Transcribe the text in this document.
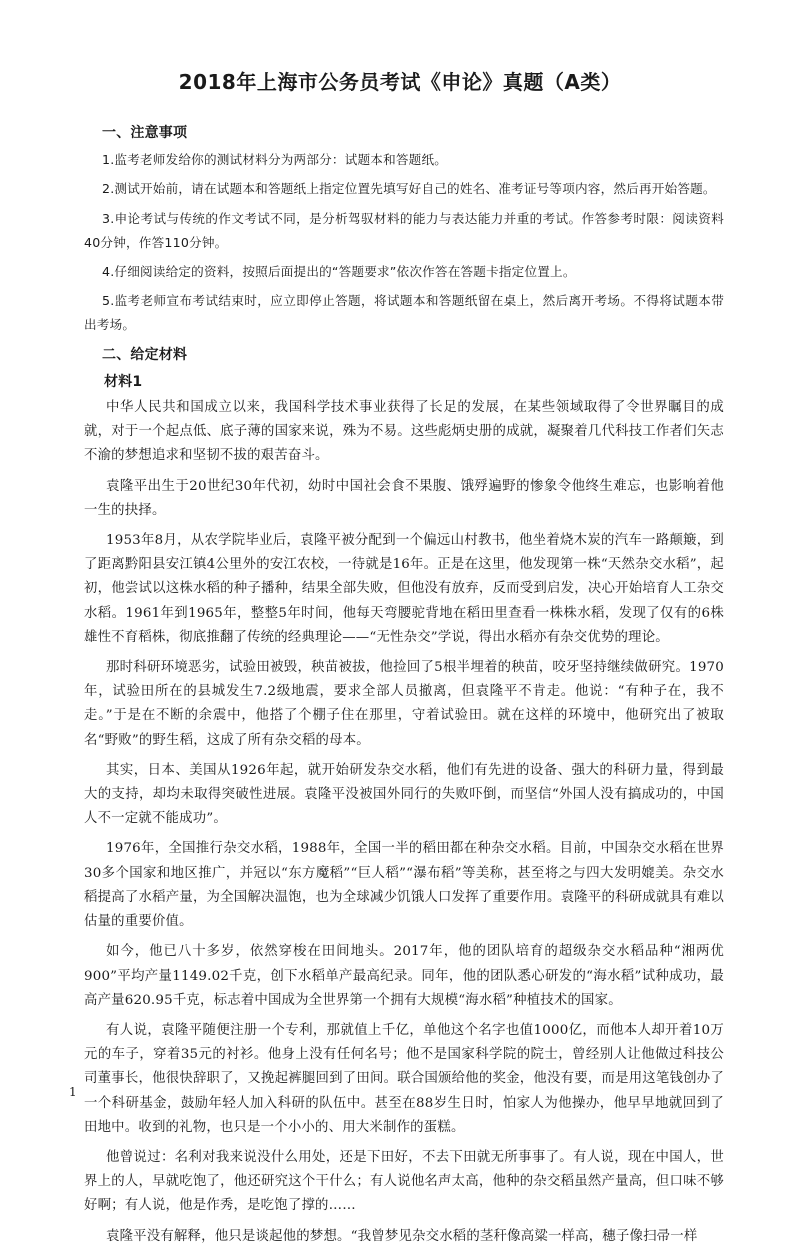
2018年上海市公务员考试《申论》真题（A类）
一、注意事项

1.监考老师发给你的测试材料分为两部分：试题本和答题纸。

2.测试开始前，请在试题本和答题纸上指定位置先填写好自己的姓名、准考证号等项内容，然后再开始答题。

3.申论考试与传统的作文考试不同，是分析驾驭材料的能力与表达能力并重的考试。作答参考时限：阅读资料40分钟，作答110分钟。

4.仔细阅读给定的资料，按照后面提出的“答题要求”依次作答在答题卡指定位置上。

5.监考老师宣布考试结束时，应立即停止答题，将试题本和答题纸留在桌上，然后离开考场。不得将试题本带出考场。

二、给定材料
材料1

中华人民共和国成立以来，我国科学技术事业获得了长足的发展，在某些领域取得了令世界瞩目的成就，对于一个起点低、底子薄的国家来说，殊为不易。这些彪炳史册的成就，凝聚着几代科技工作者们矢志不渝的梦想追求和坚韧不拔的艰苦奋斗。

袁隆平出生于20世纪30年代初，幼时中国社会食不果腹、饿殍遍野的惨象令他终生难忘，也影响着他一生的抉择。

1953年8月，从农学院毕业后，袁隆平被分配到一个偏远山村教书，他坐着烧木炭的汽车一路颠簸，到了距离黔阳县安江镇4公里外的安江农校，一待就是16年。正是在这里，他发现第一株“天然杂交水稻”，起初，他尝试以这株水稻的种子播种，结果全部失败，但他没有放弃，反而受到启发，决心开始培育人工杂交水稻。1961年到1965年，整整5年时间，他每天弯腰驼背地在稻田里查看一株株水稻，发现了仅有的6株雄性不育稻株，彻底推翻了传统的经典理论——“无性杂交”学说，得出水稻亦有杂交优势的理论。

那时科研环境恶劣，试验田被毁，秧苗被拔，他捡回了5根半埋着的秧苗，咬牙坚持继续做研究。1970年，试验田所在的县城发生7.2级地震，要求全部人员撤离，但袁隆平不肯走。他说：“有种子在，我不走。”于是在不断的余震中，他搭了个棚子住在那里，守着试验田。就在这样的环境中，他研究出了被取名“野败”的野生稻，这成了所有杂交稻的母本。

其实，日本、美国从1926年起，就开始研发杂交水稻，他们有先进的设备、强大的科研力量，得到最大的支持，却均未取得突破性进展。袁隆平没被国外同行的失败吓倒，而坚信“外国人没有搞成功的，中国人不一定就不能成功”。

1976年，全国推行杂交水稻，1988年，全国一半的稻田都在种杂交水稻。目前，中国杂交水稻在世界30多个国家和地区推广，并冠以“东方魔稻”“巨人稻”“瀑布稻”等美称，甚至将之与四大发明媲美。杂交水稻提高了水稻产量，为全国解决温饱，也为全球减少饥饿人口发挥了重要作用。袁隆平的科研成就具有难以估量的重要价值。

如今，他已八十多岁，依然穿梭在田间地头。2017年，他的团队培育的超级杂交水稻品种“湘两优900”平均产量1149.02千克，创下水稻单产最高纪录。同年，他的团队悉心研发的“海水稻”试种成功，最高产量620.95千克，标志着中国成为全世界第一个拥有大规模“海水稻”种植技术的国家。

有人说，袁隆平随便注册一个专利，那就值上千亿，单他这个名字也值1000亿，而他本人却开着10万元的车子，穿着35元的衬衫。他身上没有任何名号；他不是国家科学院的院士，曾经别人让他做过科技公司董事长，他很快辞职了，又挽起裤腿回到了田间。联合国颁给他的奖金，他没有要，而是用这笔钱创办了一个科研基金，鼓励年轻人加入科研的队伍中。甚至在88岁生日时，怕家人为他操办，他早早地就回到了田地中。收到的礼物，也只是一个小小的、用大米制作的蛋糕。

他曾说过：名利对我来说没什么用处，还是下田好，不去下田就无所事事了。有人说，现在中国人，世界上的人，早就吃饱了，他还研究这个干什么；有人说他名声太高，他种的杂交稻虽然产量高，但口味不够好啊；有人说，他是作秀，是吃饱了撑的……

袁隆平没有解释，他只是谈起他的梦想。“我曾梦见杂交水稻的茎秆像高粱一样高，穗子像扫帚一样

1
